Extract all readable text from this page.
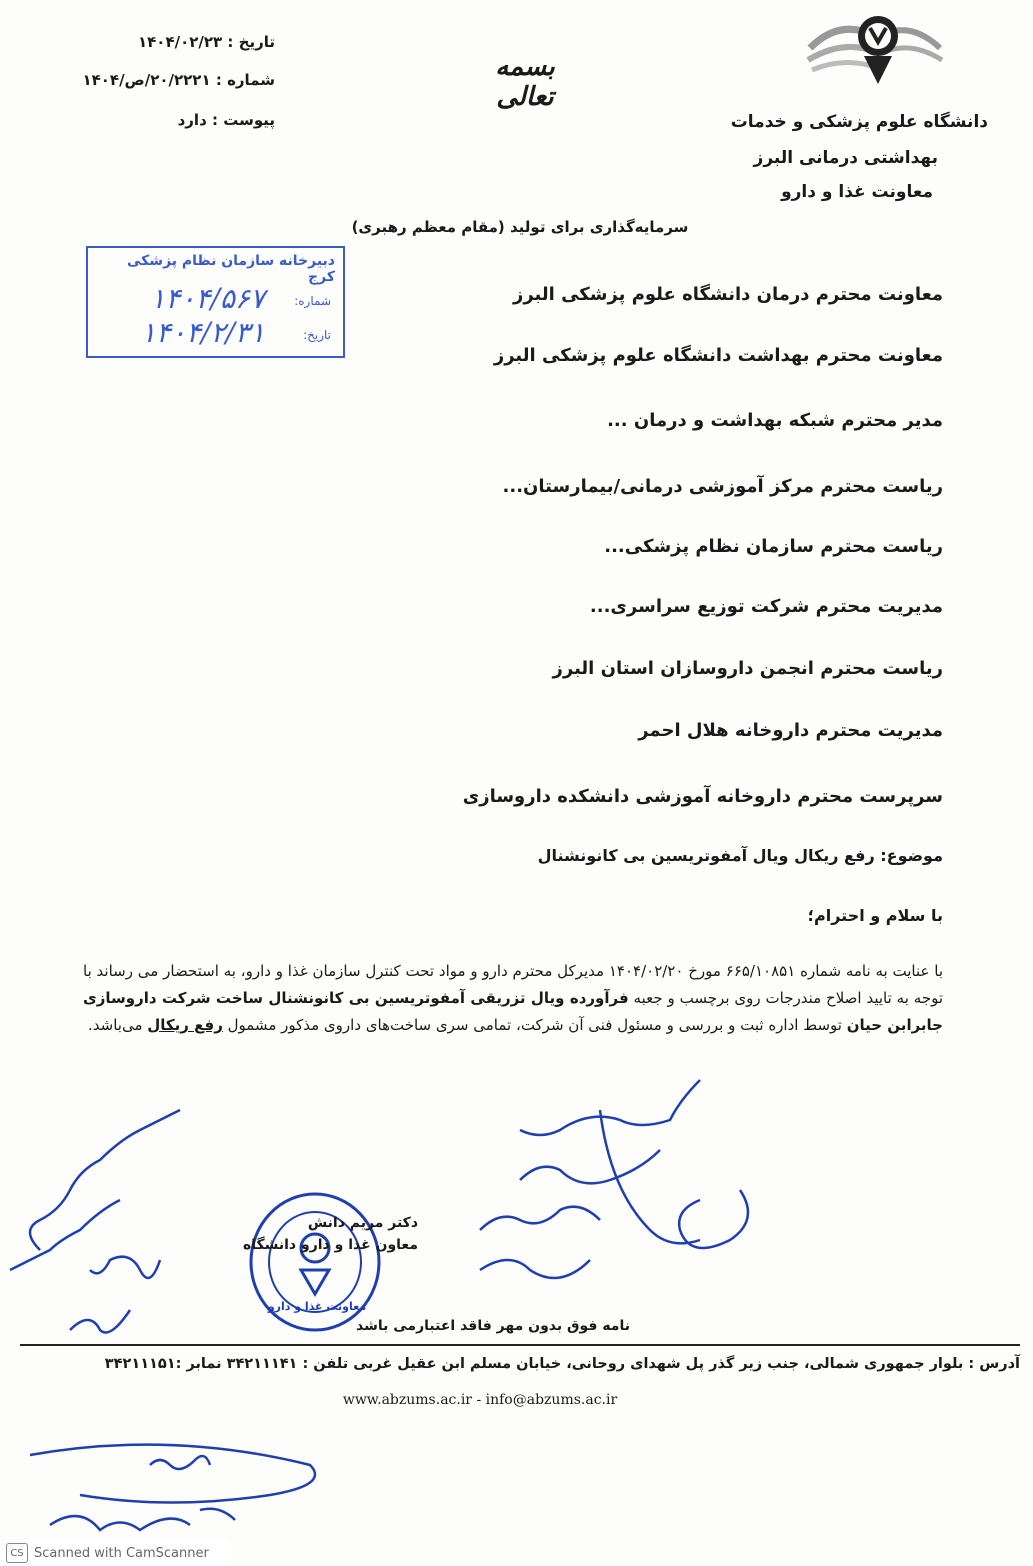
تاریخ : ۱۴۰۴/۰۲/۲۳
شماره : ۲۰/۲۲۲۱/ص/۱۴۰۴
پیوست : دارد
بسمه تعالی
دانشگاه علوم پزشکی و خدمات
بهداشتی درمانی البرز
معاونت غذا و دارو
سرمایه‌گذاری برای تولید (مقام معظم رهبری)
دبیرخانه سازمان نظام پزشکی کرج
شماره:
۱۴۰۴/۵۶۷
تاریخ:
۱۴۰۴/۲/۳۱
معاونت محترم درمان دانشگاه علوم پزشکی البرز
معاونت محترم بهداشت دانشگاه علوم پزشکی البرز
مدیر محترم شبکه بهداشت و درمان ...
ریاست محترم مرکز آموزشی درمانی/بیمارستان...
ریاست محترم سازمان نظام پزشکی...
مدیریت محترم شرکت توزیع سراسری...
ریاست محترم انجمن داروسازان استان البرز
مدیریت محترم داروخانه هلال احمر
سرپرست محترم داروخانه آموزشی دانشکده داروسازی
موضوع: رفع ریکال ویال آمفوتریسین بی کانونشنال
با سلام و احترام؛
با عنایت به نامه شماره ۶۶۵/۱۰۸۵۱ مورخ ۱۴۰۴/۰۲/۲۰ مدیرکل محترم دارو و مواد تحت کنترل سازمان غذا و دارو، به استحضار می رساند با توجه به تایید اصلاح مندرجات روی برچسب و جعبه فرآورده ویال تزریقی آمفوتریسین بی کانونشنال ساخت شرکت داروسازی جابرابن حیان توسط اداره ثبت و بررسی و مسئول فنی آن شرکت، تمامی سری ساخت‌های داروی مذکور مشمول رفع ریکال می‌باشد.
معاونت غذا و دارو
دکتر مریم دانش
معاون غذا و دارو دانشگاه
نامه فوق بدون مهر فاقد اعتبارمی باشد
آدرس : بلوار جمهوری شمالی، جنب زیر گذر پل شهدای روحانی، خیابان مسلم ابن عقیل غربی تلفن : ۳۴۲۱۱۱۴۱ نمابر :۳۴۲۱۱۱۵۱
www.abzums.ac.ir - info@abzums.ac.ir
CS Scanned with CamScanner
